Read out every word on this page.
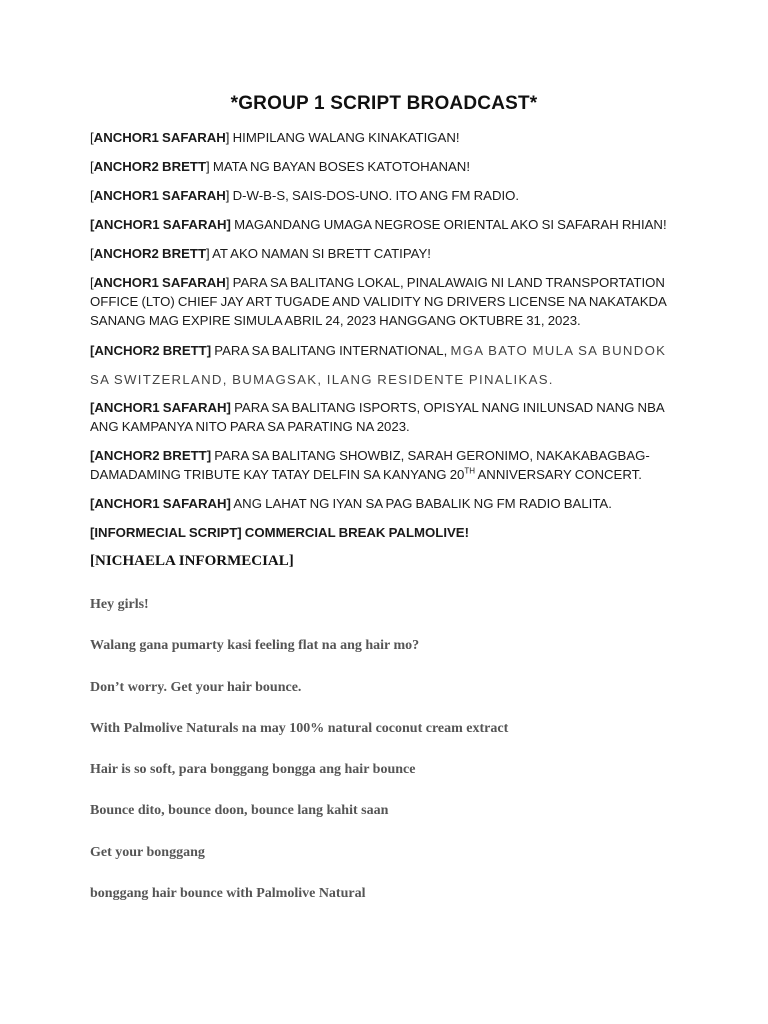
*GROUP 1 SCRIPT BROADCAST*
[ANCHOR1 SAFARAH] HIMPILANG WALANG KINAKATIGAN!
[ANCHOR2 BRETT] MATA NG BAYAN BOSES KATOTOHANAN!
[ANCHOR1 SAFARAH] D-W-B-S, SAIS-DOS-UNO. ITO ANG FM RADIO.
[ANCHOR1 SAFARAH] MAGANDANG UMAGA NEGROSE ORIENTAL AKO SI SAFARAH RHIAN!
[ANCHOR2 BRETT] AT AKO NAMAN SI BRETT CATIPAY!
[ANCHOR1 SAFARAH] PARA SA BALITANG LOKAL, PINALAWAIG NI LAND TRANSPORTATION OFFICE (LTO) CHIEF JAY ART TUGADE AND VALIDITY NG DRIVERS LICENSE NA NAKATAKDA SANANG MAG EXPIRE SIMULA ABRIL 24, 2023 HANGGANG OKTUBRE 31, 2023.
[ANCHOR2 BRETT] PARA SA BALITANG INTERNATIONAL, MGA BATO MULA SA BUNDOK SA SWITZERLAND, BUMAGSAK, ILANG RESIDENTE PINALIKAS.
[ANCHOR1 SAFARAH] PARA SA BALITANG ISPORTS, OPISYAL NANG INILUNSAD NANG NBA ANG KAMPANYA NITO PARA SA PARATING NA 2023.
[ANCHOR2 BRETT] PARA SA BALITANG SHOWBIZ, SARAH GERONIMO, NAKAKABAGBAG-DAMADAMING TRIBUTE KAY TATAY DELFIN SA KANYANG 20TH ANNIVERSARY CONCERT.
[ANCHOR1 SAFARAH] ANG LAHAT NG IYAN SA PAG BABALIK NG FM RADIO BALITA.
[INFORMECIAL SCRIPT] COMMERCIAL BREAK PALMOLIVE!
[NICHAELA INFORMECIAL]
Hey girls!
Walang gana pumarty kasi feeling flat na ang hair mo?
Don’t worry. Get your hair bounce.
With Palmolive Naturals na may 100% natural coconut cream extract
Hair is so soft, para bonggang bongga ang hair bounce
Bounce dito, bounce doon, bounce lang kahit saan
Get your bonggang
bonggang hair bounce with Palmolive Natural
